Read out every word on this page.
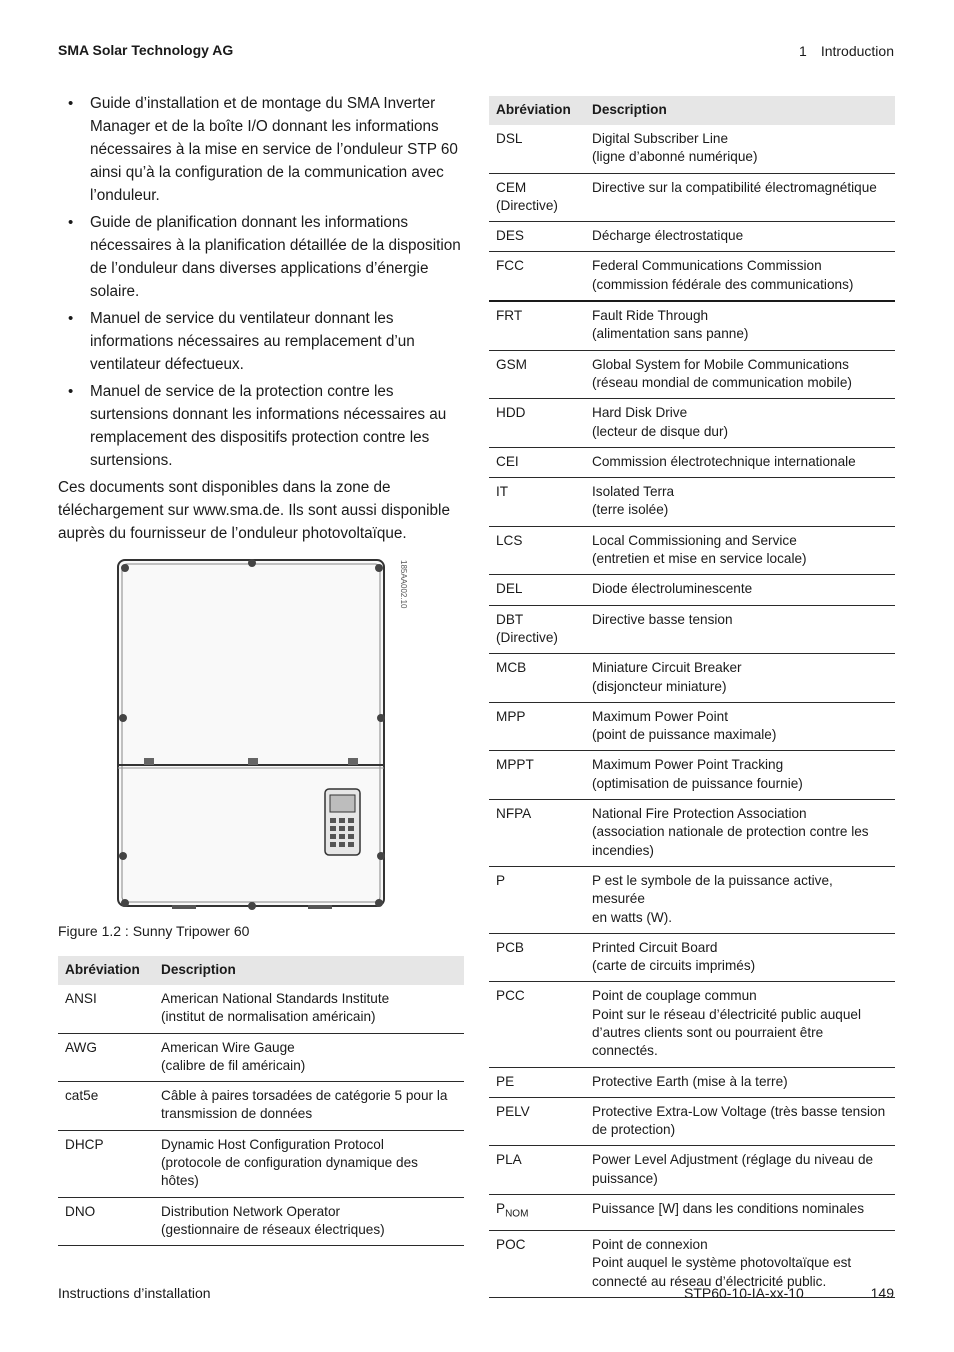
SMA Solar Technology AG	1 Introduction
• Guide d’installation et de montage du SMA Inverter Manager et de la boîte I/O donnant les informations nécessaires à la mise en service de l’onduleur STP 60 ainsi qu’à la configuration de la communication avec l’onduleur.
• Guide de planification donnant les informations nécessaires à la planification détaillée de la disposition de l’onduleur dans diverses applications d’énergie solaire.
• Manuel de service du ventilateur donnant les informations nécessaires au remplacement d’un ventilateur défectueux.
• Manuel de service de la protection contre les surtensions donnant les informations nécessaires au remplacement des dispositifs protection contre les surtensions.

Ces documents sont disponibles dans la zone de téléchargement sur www.sma.de. Ils sont aussi disponible auprès du fournisseur de l’onduleur photovoltaïque.

185AA002.10
Figure 1.2 : Sunny Tripower 60
Abréviation	Description

ANSI	American National Standards Institute
(institut de normalisation américain)

AWG	American Wire Gauge
(calibre de fil américain)

cat5e	Câble à paires torsadées de catégorie 5 pour la
transmission de données

DHCP	Dynamic Host Configuration Protocol
(protocole de configuration dynamique des
hôtes)

DNO	Distribution Network Operator
(gestionnaire de réseaux électriques)
Abréviation	Description

DSL	Digital Subscriber Line
(ligne d’abonné numérique)

CEM
(Directive)	Directive sur la compatibilité électromagnétique

DES	Décharge électrostatique

FCC	Federal Communications Commission
(commission fédérale des communications)

FRT	Fault Ride Through
(alimentation sans panne)

GSM	Global System for Mobile Communications
(réseau mondial de communication mobile)

HDD	Hard Disk Drive
(lecteur de disque dur)

CEI	Commission électrotechnique internationale

IT	Isolated Terra
(terre isolée)

LCS	Local Commissioning and Service
(entretien et mise en service locale)

DEL	Diode électroluminescente

DBT
(Directive)	Directive basse tension

MCB	Miniature Circuit Breaker
(disjoncteur miniature)

MPP	Maximum Power Point
(point de puissance maximale)

MPPT	Maximum Power Point Tracking
(optimisation de puissance fournie)

NFPA	National Fire Protection Association
(association nationale de protection contre les
incendies)

P	P est le symbole de la puissance active, mesurée
en watts (W).

PCB	Printed Circuit Board
(carte de circuits imprimés)

PCC	Point de couplage commun
Point sur le réseau d’électricité public auquel
d’autres clients sont ou pourraient être connectés.

PE	Protective Earth (mise à la terre)

PELV	Protective Extra-Low Voltage (très basse tension
de protection)

PLA	Power Level Adjustment (réglage du niveau de
puissance)

$P_{NOM}$	Puissance [W] dans les conditions nominales

POC	Point de connexion
Point auquel le système photovoltaïque est
connecté au réseau d’électricité public.
Instructions d’installation	STP60-10-IA-xx-10	149
